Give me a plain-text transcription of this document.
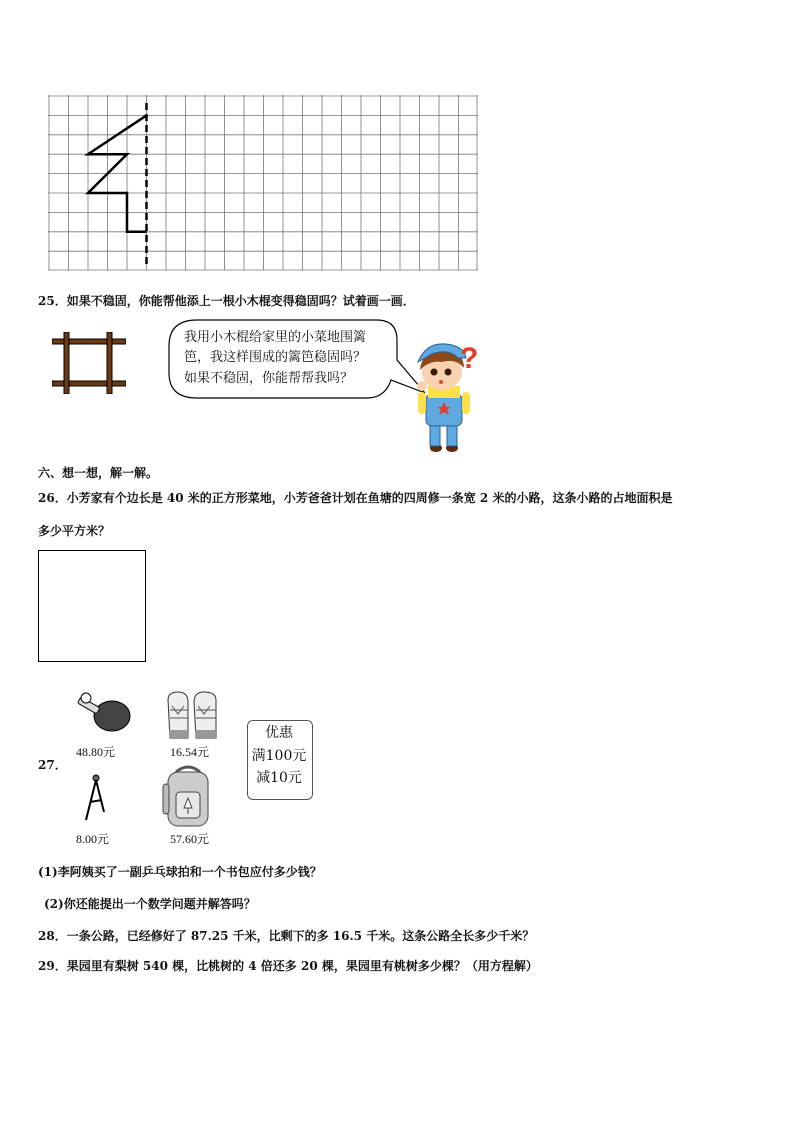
25．如果不稳固，你能帮他添上一根小木棍变得稳固吗？试着画一画．
我用小木棍给家里的小菜地围篱
笆，我这样围成的篱笆稳固吗？
如果不稳固，你能帮帮我吗？
?
六、想一想，解一解。
26．小芳家有个边长是 40 米的正方形菜地，小芳爸爸计划在鱼塘的四周修一条宽 2 米的小路，这条小路的占地面积是
多少平方米？
27．
48.80元	16.54元
优惠
满100元
减10元
8.00元	57.60元
(1)李阿姨买了一副乒乓球拍和一个书包应付多少钱？
(2)你还能提出一个数学问题并解答吗？
28．一条公路，已经修好了 87.25 千米，比剩下的多 16.5 千米。这条公路全长多少千米？
29．果园里有梨树 540 棵，比桃树的 4 倍还多 20 棵，果园里有桃树多少棵？（用方程解）
